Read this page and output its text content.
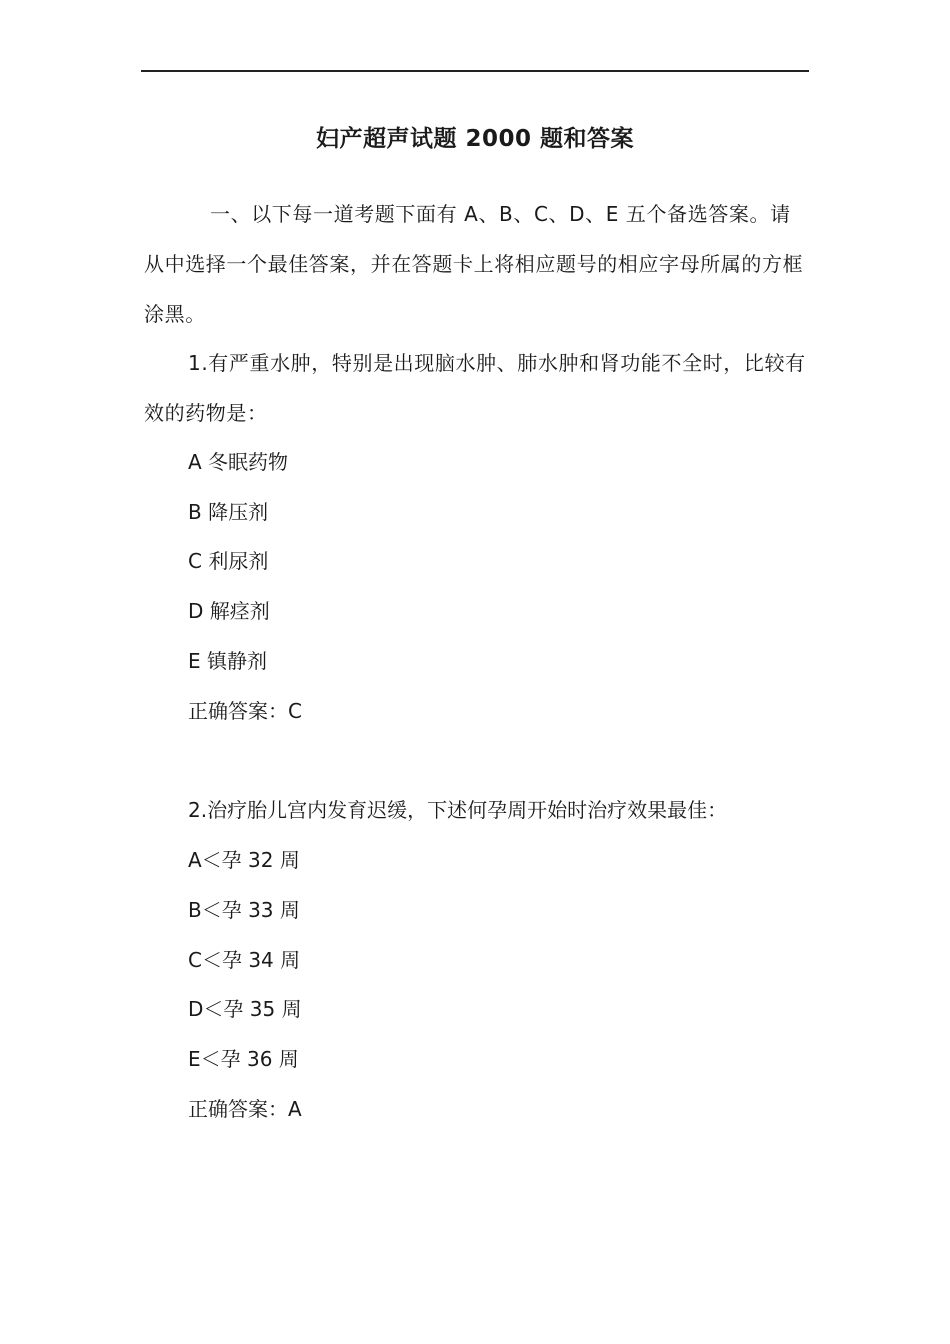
妇产超声试题 2000 题和答案
一、以下每一道考题下面有 A、B、C、D、E 五个备选答案。请从中选择一个最佳答案，并在答题卡上将相应题号的相应字母所属的方框涂黑。
1.有严重水肿，特别是出现脑水肿、肺水肿和肾功能不全时，比较有效的药物是：
A 冬眠药物
B 降压剂
C 利尿剂
D 解痉剂
E 镇静剂
正确答案：C
2.治疗胎儿宫内发育迟缓，下述何孕周开始时治疗效果最佳：
A＜孕 32 周
B＜孕 33 周
C＜孕 34 周
D＜孕 35 周
E＜孕 36 周
正确答案：A
